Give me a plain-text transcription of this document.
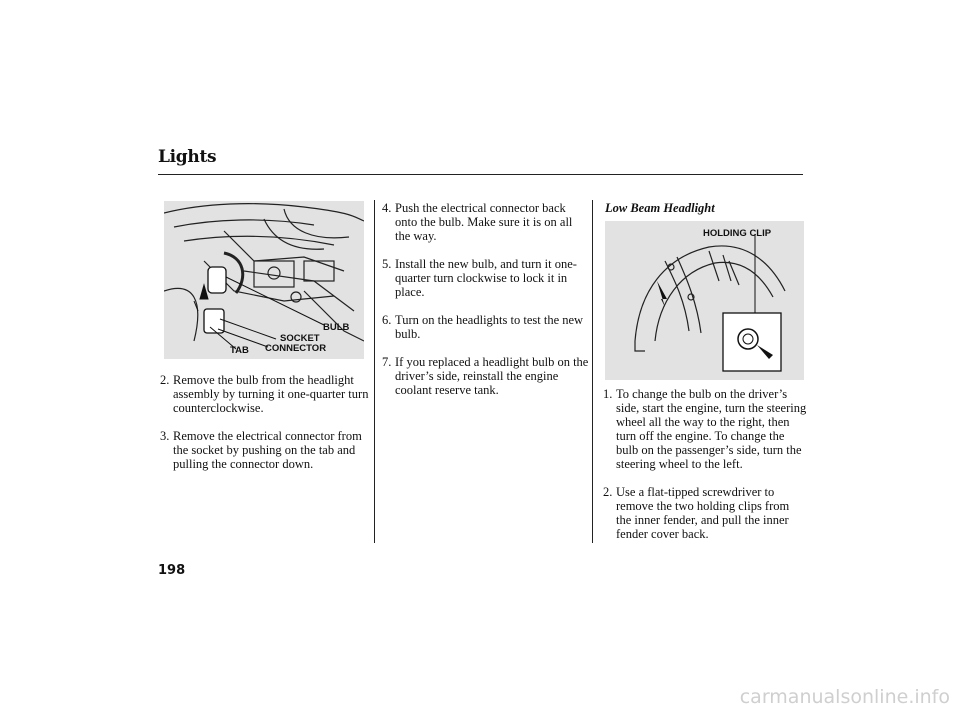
Lights
BULB
SOCKET
CONNECTOR
TAB
2. Remove the bulb from the headlight assembly by turning it one-quarter turn counterclockwise.
3. Remove the electrical connector from the socket by pushing on the tab and pulling the connector down.
4. Push the electrical connector back onto the bulb. Make sure it is on all the way.
5. Install the new bulb, and turn it one-quarter turn clockwise to lock it in place.
6. Turn on the headlights to test the new bulb.
7. If you replaced a headlight bulb on the driver’s side, reinstall the engine coolant reserve tank.
Low Beam Headlight
HOLDING CLIP
1. To change the bulb on the driver’s side, start the engine, turn the steering wheel all the way to the right, then turn off the engine. To change the bulb on the passenger’s side, turn the steering wheel to the left.
2. Use a flat-tipped screwdriver to remove the two holding clips from the inner fender, and pull the inner fender cover back.
198
carmanualsonline.info
